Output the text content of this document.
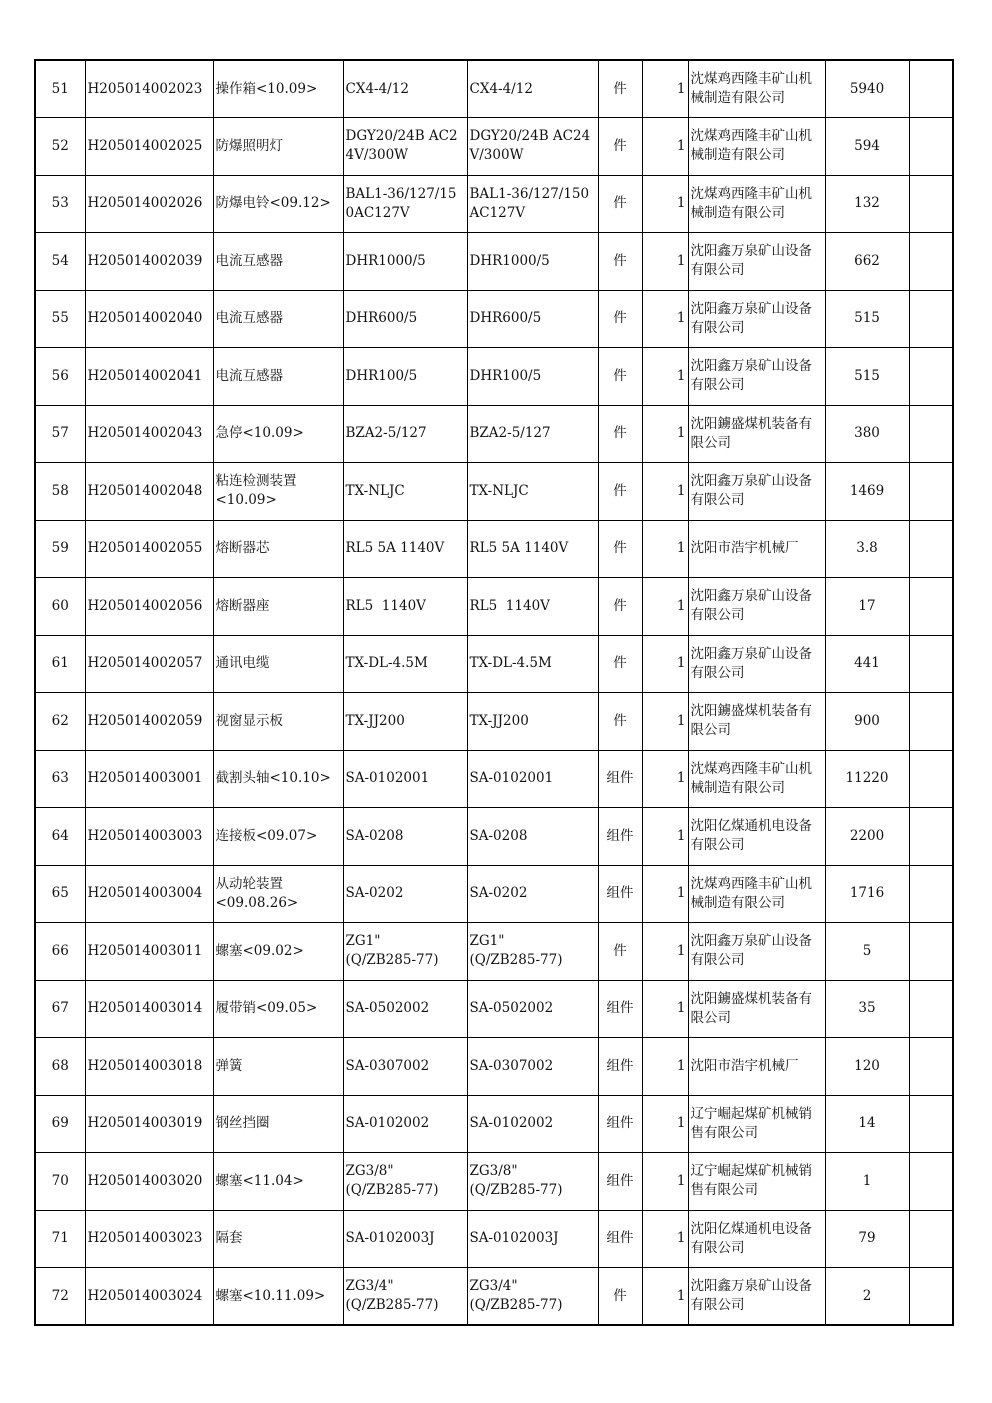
51	H205014002023	操作箱<10.09>	CX4-4/12	CX4-4/12	件	1	沈煤鸡西隆丰矿山机械制造有限公司	5940	
52	H205014002025	防爆照明灯	DGY20/24B AC24V/300W	DGY20/24B AC24V/300W	件	1	沈煤鸡西隆丰矿山机械制造有限公司	594	
53	H205014002026	防爆电铃<09.12>	BAL1-36/127/150AC127V	BAL1-36/127/150AC127V	件	1	沈煤鸡西隆丰矿山机械制造有限公司	132	
54	H205014002039	电流互感器	DHR1000/5	DHR1000/5	件	1	沈阳鑫万泉矿山设备有限公司	662	
55	H205014002040	电流互感器	DHR600/5	DHR600/5	件	1	沈阳鑫万泉矿山设备有限公司	515	
56	H205014002041	电流互感器	DHR100/5	DHR100/5	件	1	沈阳鑫万泉矿山设备有限公司	515	
57	H205014002043	急停<10.09>	BZA2-5/127	BZA2-5/127	件	1	沈阳鐪盛煤机装备有限公司	380	
58	H205014002048	粘连检测装置<10.09>	TX-NLJC	TX-NLJC	件	1	沈阳鑫万泉矿山设备有限公司	1469	
59	H205014002055	熔断器芯	RL5 5A 1140V	RL5 5A 1140V	件	1	沈阳市浩宇机械厂	3.8	
60	H205014002056	熔断器座	RL5  1140V	RL5  1140V	件	1	沈阳鑫万泉矿山设备有限公司	17	
61	H205014002057	通讯电缆	TX-DL-4.5M	TX-DL-4.5M	件	1	沈阳鑫万泉矿山设备有限公司	441	
62	H205014002059	视窗显示板	TX-JJ200	TX-JJ200	件	1	沈阳鐪盛煤机装备有限公司	900	
63	H205014003001	截割头轴<10.10>	SA-0102001	SA-0102001	组件	1	沈煤鸡西隆丰矿山机械制造有限公司	11220	
64	H205014003003	连接板<09.07>	SA-0208	SA-0208	组件	1	沈阳亿煤通机电设备有限公司	2200	
65	H205014003004	从动轮装置<09.08.26>	SA-0202	SA-0202	组件	1	沈煤鸡西隆丰矿山机械制造有限公司	1716	
66	H205014003011	螺塞<09.02>	ZG1"
(Q/ZB285-77)	ZG1"
(Q/ZB285-77)	件	1	沈阳鑫万泉矿山设备有限公司	5	
67	H205014003014	履带销<09.05>	SA-0502002	SA-0502002	组件	1	沈阳鐪盛煤机装备有限公司	35	
68	H205014003018	弹簧	SA-0307002	SA-0307002	组件	1	沈阳市浩宇机械厂	120	
69	H205014003019	钢丝挡圈	SA-0102002	SA-0102002	组件	1	辽宁崛起煤矿机械销售有限公司	14	
70	H205014003020	螺塞<11.04>	ZG3/8"
(Q/ZB285-77)	ZG3/8"
(Q/ZB285-77)	组件	1	辽宁崛起煤矿机械销售有限公司	1	
71	H205014003023	隔套	SA-0102003J	SA-0102003J	组件	1	沈阳亿煤通机电设备有限公司	79	
72	H205014003024	螺塞<10.11.09>	ZG3/4"
(Q/ZB285-77)	ZG3/4"
(Q/ZB285-77)	件	1	沈阳鑫万泉矿山设备有限公司	2	
